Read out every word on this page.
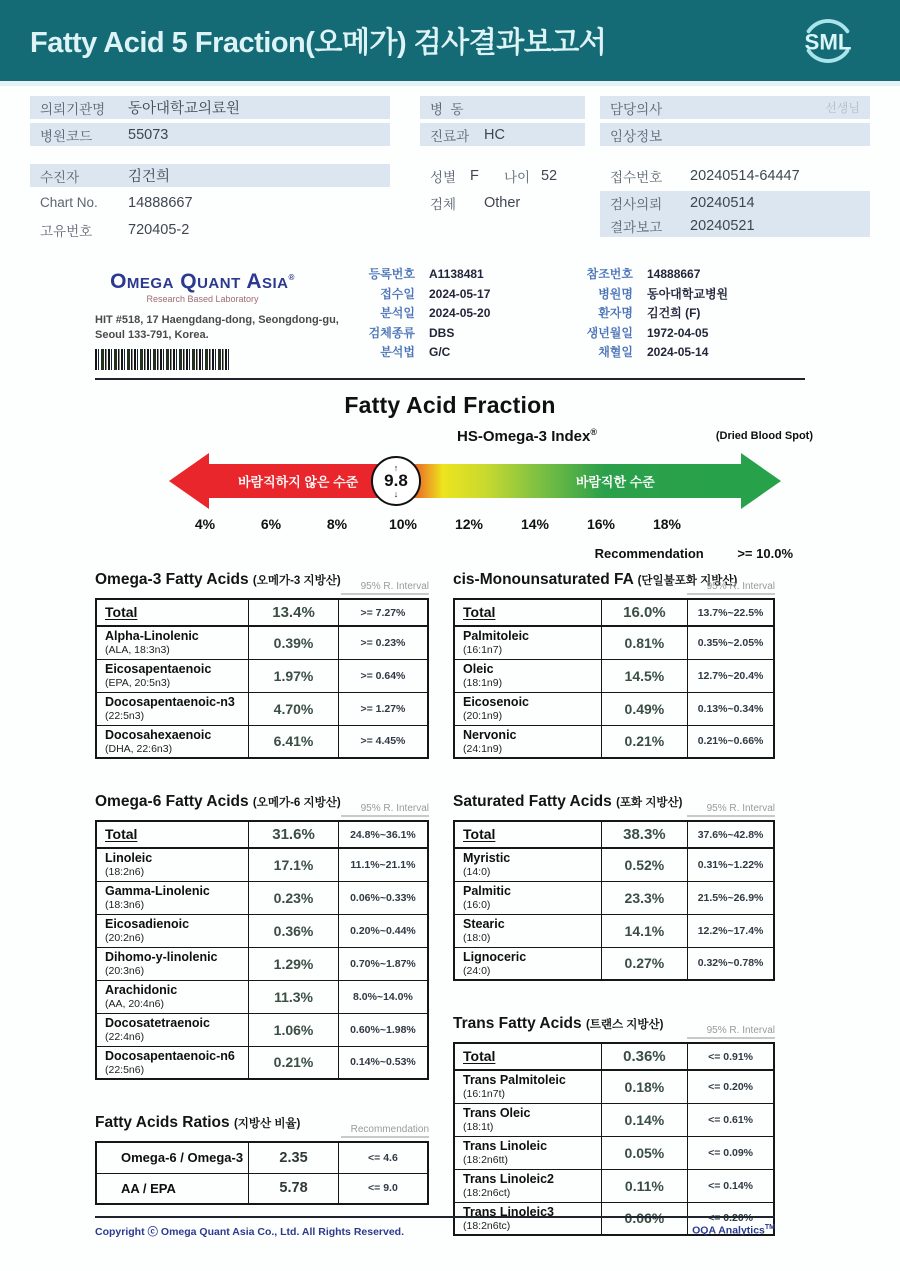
Fatty Acid 5 Fraction(오메가) 검사결과보고서	SML
의뢰기관명	동아대학교의료원
병원코드	55073
수진자	김건희
Chart No.	14888667
고유번호	720405-2
병  동
진료과	HC
성별 F	나이 52
검체	Other
담당의사	선생님
임상정보
접수번호	20240514-64447
검사의뢰	20240514
결과보고	20240521
Omega Quant Asia®
Research Based Laboratory
HIT #518, 17 Haengdang-dong, Seongdong-gu,
Seoul 133-791, Korea.
등록번호 A1138481
접수일 2024-05-17
분석일 2024-05-20
검체종류 DBS
분석법 G/C
참조번호 14888667
병원명 동아대학교병원
환자명 김건희 (F)
생년월일 1972-04-05
채혈일 2024-05-14
Fatty Acid Fraction
HS-Omega-3 Index®	(Dried Blood Spot)
바람직하지 않은 수준	바람직한 수준
↑
9.8
↓
4%	6%	8%	10%	12%	14%	16%	18%
Recommendation	>= 10.0%
Omega-3 Fatty Acids (오메가-3 지방산)	95% R. Interval
Total	13.4%	>= 7.27%

Alpha-Linolenic
(ALA, 18:3n3)	0.39%	>= 0.23%

Eicosapentaenoic
(EPA, 20:5n3)	1.97%	>= 0.64%

Docosapentaenoic-n3
(22:5n3)	4.70%	>= 1.27%

Docosahexaenoic
(DHA, 22:6n3)	6.41%	>= 4.45%
Omega-6 Fatty Acids (오메가-6 지방산)	95% R. Interval
Total	31.6%	24.8%~36.1%

Linoleic
(18:2n6)	17.1%	11.1%~21.1%

Gamma-Linolenic
(18:3n6)	0.23%	0.06%~0.33%

Eicosadienoic
(20:2n6)	0.36%	0.20%~0.44%

Dihomo-y-linolenic
(20:3n6)	1.29%	0.70%~1.87%

Arachidonic
(AA, 20:4n6)	11.3%	8.0%~14.0%

Docosatetraenoic
(22:4n6)	1.06%	0.60%~1.98%

Docosapentaenoic-n6
(22:5n6)	0.21%	0.14%~0.53%
Fatty Acids Ratios (지방산 비율)	Recommendation
Omega-6 / Omega-3	2.35	<= 4.6

AA / EPA	5.78	<= 9.0
cis-Monounsaturated FA (단일불포화 지방산)
95% R. Interval
Total	16.0%	13.7%~22.5%

Palmitoleic
(16:1n7)	0.81%	0.35%~2.05%

Oleic
(18:1n9)	14.5%	12.7%~20.4%

Eicosenoic
(20:1n9)	0.49%	0.13%~0.34%

Nervonic
(24:1n9)	0.21%	0.21%~0.66%
Saturated Fatty Acids (포화 지방산)	95% R. Interval
Total	38.3%	37.6%~42.8%

Myristic
(14:0)	0.52%	0.31%~1.22%

Palmitic
(16:0)	23.3%	21.5%~26.9%

Stearic
(18:0)	14.1%	12.2%~17.4%

Lignoceric
(24:0)	0.27%	0.32%~0.78%
Trans Fatty Acids (트랜스 지방산)	95% R. Interval
Total	0.36%	<= 0.91%

Trans Palmitoleic
(16:1n7t)	0.18%	<= 0.20%

Trans Oleic
(18:1t)	0.14%	<= 0.61%

Trans Linoleic
(18:2n6tt)	0.05%	<= 0.09%

Trans Linoleic2
(18:2n6ct)	0.11%	<= 0.14%

Trans Linoleic3
(18:2n6tc)	0.06%	<= 0.20%
Copyright ⓒ Omega Quant Asia Co., Ltd. All Rights Reserved.	OQA Analytics™
